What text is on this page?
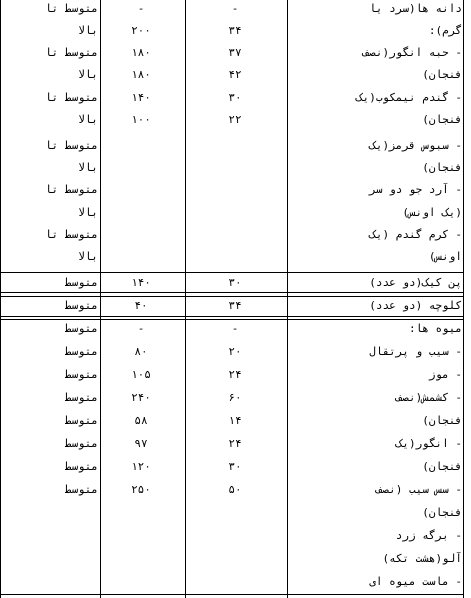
دانه ها(سرد یا
گرم):
- حبه انگور(نصف
فنجان)
- گندم نیمکوب(یک
فنجان)
- سبوس قرمز(یک
فنجان)
- آرد جو دو سر
(یک اونس)
- کرم گندم (یک
اونس)
-
۳۴
۳۷
۴۲
۳۰
۲۲
-
۲۰۰
۱۸۰
۱۸۰
۱۴۰
۱۰۰
متوسط تا
بالا
متوسط تا
بالا
متوسط تا
بالا
متوسط تا
بالا
متوسط تا
بالا
متوسط تا
بالا
پن کیک(دو عدد)
۳۰
۱۴۰
متوسط
کلوچه (دو عدد)
۳۴
۴۰
متوسط
میوه ها:
- سیب و پرتقال
- موز
- کشمش(نصف
فنجان)
- انگور(یک
فنجان)
- سس سیب (نصف
فنجان)
- برگه زرد
آلو(هشت تکه)
- ماست میوه ای
-
۲۰
۲۴
۶۰
۱۴
۲۴
۳۰
۵۰
-
۸۰
۱۰۵
۲۴۰
۵۸
۹۷
۱۲۰
۲۵۰
متوسط
متوسط
متوسط
متوسط
متوسط
متوسط
متوسط
متوسط
